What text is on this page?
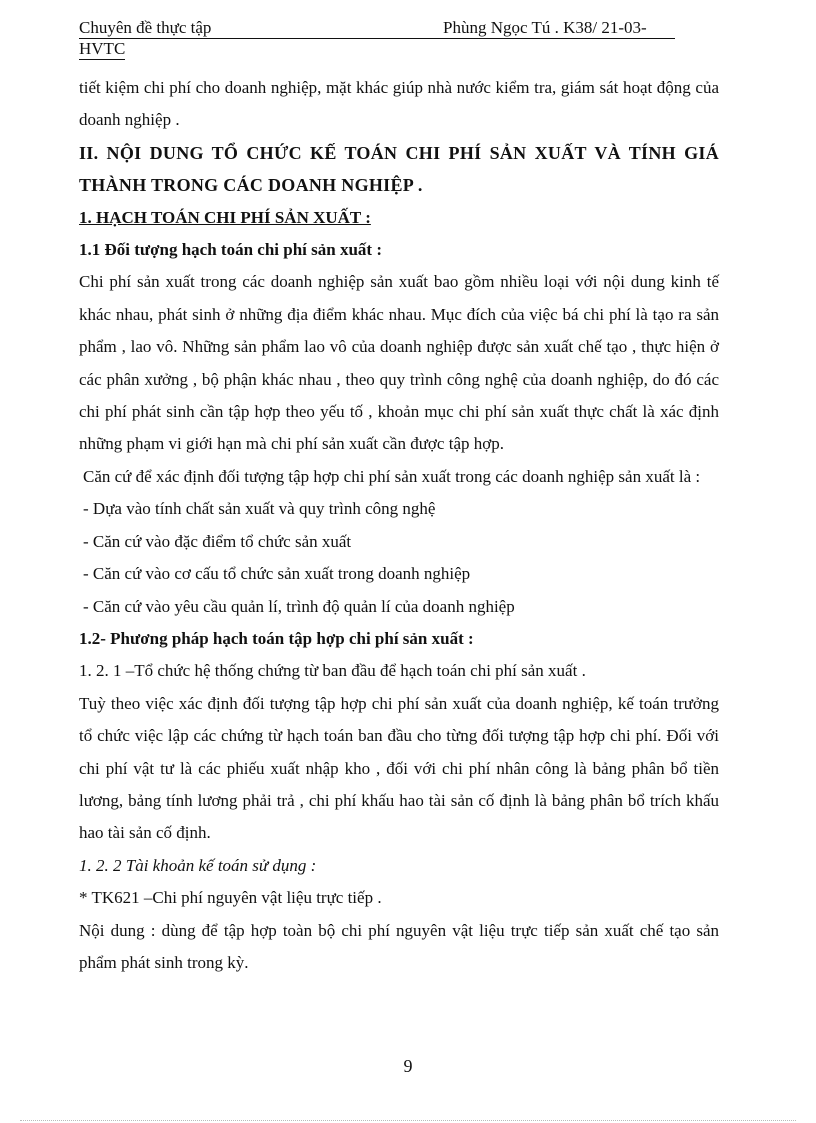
Chuyên đề thực tập	Phùng Ngọc Tú . K38/ 21-03-
HVTC

tiết kiệm chi phí cho doanh nghiệp, mặt khác giúp nhà nước kiểm tra, giám sát hoạt động của doanh nghiệp .

II. NỘI DUNG TỔ CHỨC KẾ TOÁN CHI PHÍ SẢN XUẤT VÀ TÍNH GIÁ THÀNH TRONG CÁC DOANH NGHIỆP .

1. HẠCH TOÁN CHI PHÍ SẢN XUẤT :

1.1 Đối tượng hạch toán chi phí sản xuất :

Chi phí sản xuất trong các doanh nghiệp sản xuất bao gồm nhiều loại với nội dung kinh tế khác nhau, phát sinh ở những địa điểm khác nhau. Mục đích của việc bá chi phí là tạo ra sản phẩm , lao vô. Những sản phẩm lao vô của doanh nghiệp được sản xuất chế tạo , thực hiện ở các phân xưởng , bộ phận khác nhau , theo quy trình công nghệ của doanh nghiệp, do đó các chi phí phát sinh cần tập hợp theo yếu tố , khoản mục chi phí sản xuất thực chất là xác định những phạm vi giới hạn mà chi phí sản xuất cần được tập hợp.

Căn cứ để xác định đối tượng tập hợp chi phí sản xuất trong các doanh nghiệp sản xuất là :

- Dựa vào tính chất sản xuất và quy trình công nghệ

- Căn cứ vào đặc điểm tổ chức sản xuất

- Căn cứ vào cơ cấu tổ chức sản xuất trong doanh nghiệp

- Căn cứ vào yêu cầu quản lí, trình độ quản lí của doanh nghiệp

1.2- Phương pháp hạch toán tập hợp chi phí sản xuất :

1. 2. 1 –Tổ chức hệ thống chứng từ ban đầu để hạch toán chi phí sản xuất .

Tuỳ theo việc xác định đối tượng tập hợp chi phí sản xuất của doanh nghiệp, kế toán trưởng tổ chức việc lập các chứng từ hạch toán ban đầu cho từng đối tượng tập hợp chi phí. Đối với chi phí vật tư là các phiếu xuất nhập kho , đối với chi phí nhân công là bảng phân bổ tiền lương, bảng tính lương phải trả , chi phí khấu hao tài sản cố định là bảng phân bổ trích khấu hao tài sản cố định.

1. 2. 2 Tài khoản kế toán sử dụng :

* TK621 –Chi phí nguyên vật liệu trực tiếp .

Nội dung : dùng để tập hợp toàn bộ chi phí nguyên vật liệu trực tiếp sản xuất chế tạo sản phẩm phát sinh trong kỳ.

9
